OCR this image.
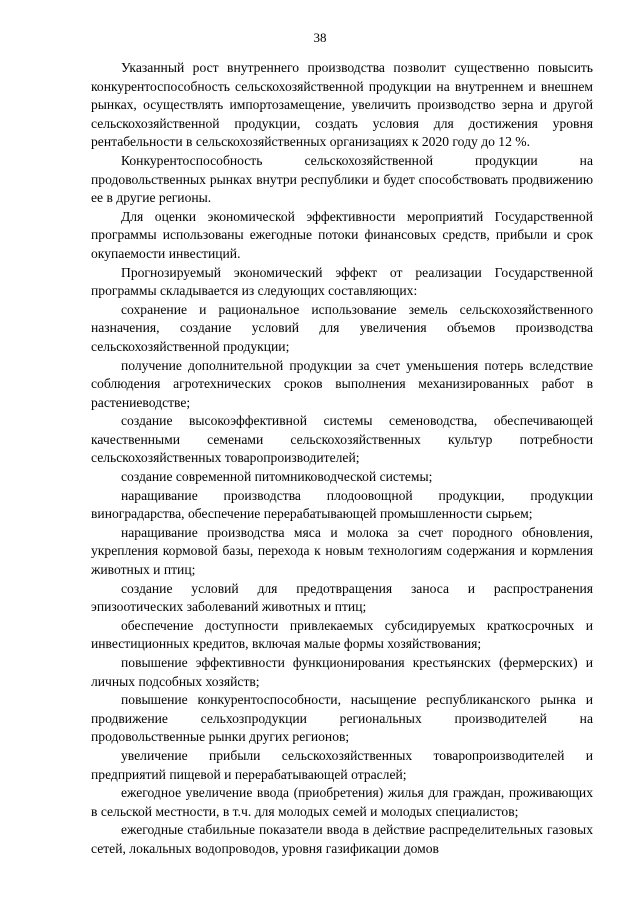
38

Указанный рост внутреннего производства позволит существенно повысить конкурентоспособность сельскохозяйственной продукции на внутреннем и внешнем рынках, осуществлять импортозамещение, увеличить производство зерна и другой сельскохозяйственной продукции, создать условия для достижения уровня рентабельности в сельскохозяйственных организациях к 2020 году до 12 %.

Конкурентоспособность сельскохозяйственной продукции на продовольственных рынках внутри республики и будет способствовать продвижению ее в другие регионы.

Для оценки экономической эффективности мероприятий Государственной программы использованы ежегодные потоки финансовых средств, прибыли и срок окупаемости инвестиций.

Прогнозируемый экономический эффект от реализации Государственной программы складывается из следующих составляющих:

сохранение и рациональное использование земель сельскохозяйственного назначения, создание условий для увеличения объемов производства сельскохозяйственной продукции;

получение дополнительной продукции за счет уменьшения потерь вследствие соблюдения агротехнических сроков выполнения механизированных работ в растениеводстве;

создание высокоэффективной системы семеноводства, обеспечивающей качественными семенами сельскохозяйственных культур потребности сельскохозяйственных товаропроизводителей;

создание современной питомниководческой системы;

наращивание производства плодоовощной продукции, продукции виноградарства, обеспечение перерабатывающей промышленности сырьем;

наращивание производства мяса и молока за счет породного обновления, укрепления кормовой базы, перехода к новым технологиям содержания и кормления животных и птиц;

создание условий для предотвращения заноса и распространения эпизоотических заболеваний животных и птиц;

обеспечение доступности привлекаемых субсидируемых краткосрочных и инвестиционных кредитов, включая малые формы хозяйствования;

повышение эффективности функционирования крестьянских (фермерских) и личных подсобных хозяйств;

повышение конкурентоспособности, насыщение республиканского рынка и продвижение сельхозпродукции региональных производителей на продовольственные рынки других регионов;

увеличение прибыли сельскохозяйственных товаропроизводителей и предприятий пищевой и перерабатывающей отраслей;

ежегодное увеличение ввода (приобретения) жилья для граждан, проживающих в сельской местности, в т.ч. для молодых семей и молодых специалистов;

ежегодные стабильные показатели ввода в действие распределительных газовых сетей, локальных водопроводов, уровня газификации домов
